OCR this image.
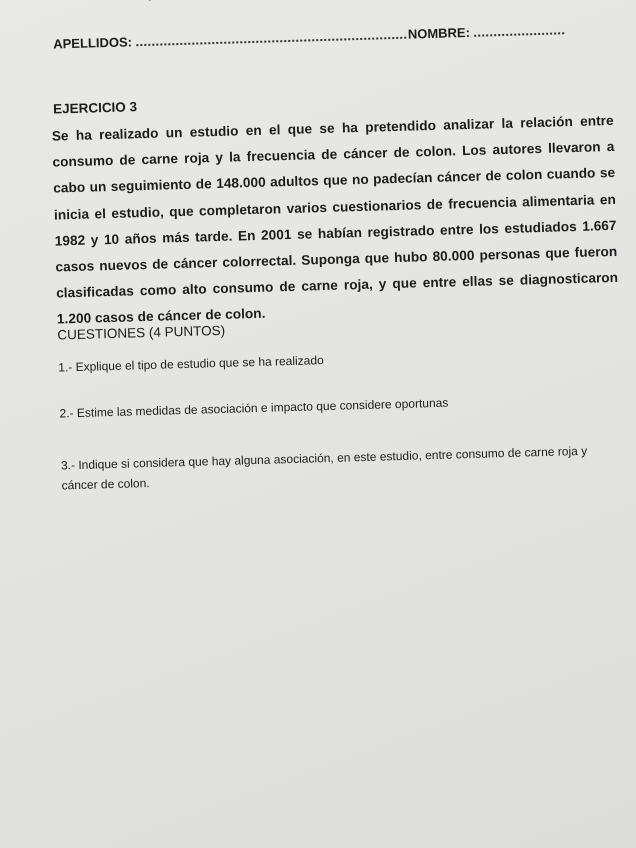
APELLIDOS:NOMBRE:
EJERCICIO 3
Se ha realizado un estudio en el que se ha pretendido analizar la relación entre consumo de carne roja y la frecuencia de cáncer de colon. Los autores llevaron a cabo un seguimiento de 148.000 adultos que no padecían cáncer de colon cuando se inicia el estudio, que completaron varios cuestionarios de frecuencia alimentaria en 1982 y 10 años más tarde. En 2001 se habían registrado entre los estudiados 1.667 casos nuevos de cáncer colorrectal. Suponga que hubo 80.000 personas que fueron clasificadas como alto consumo de carne roja, y que entre ellas se diagnosticaron 1.200 casos de cáncer de colon.
CUESTIONES (4 PUNTOS)
1.- Explique el tipo de estudio que se ha realizado
2.- Estime las medidas de asociación e impacto que considere oportunas
3.- Indique si considera que hay alguna asociación, en este estudio, entre consumo de carne roja y cáncer de colon.
